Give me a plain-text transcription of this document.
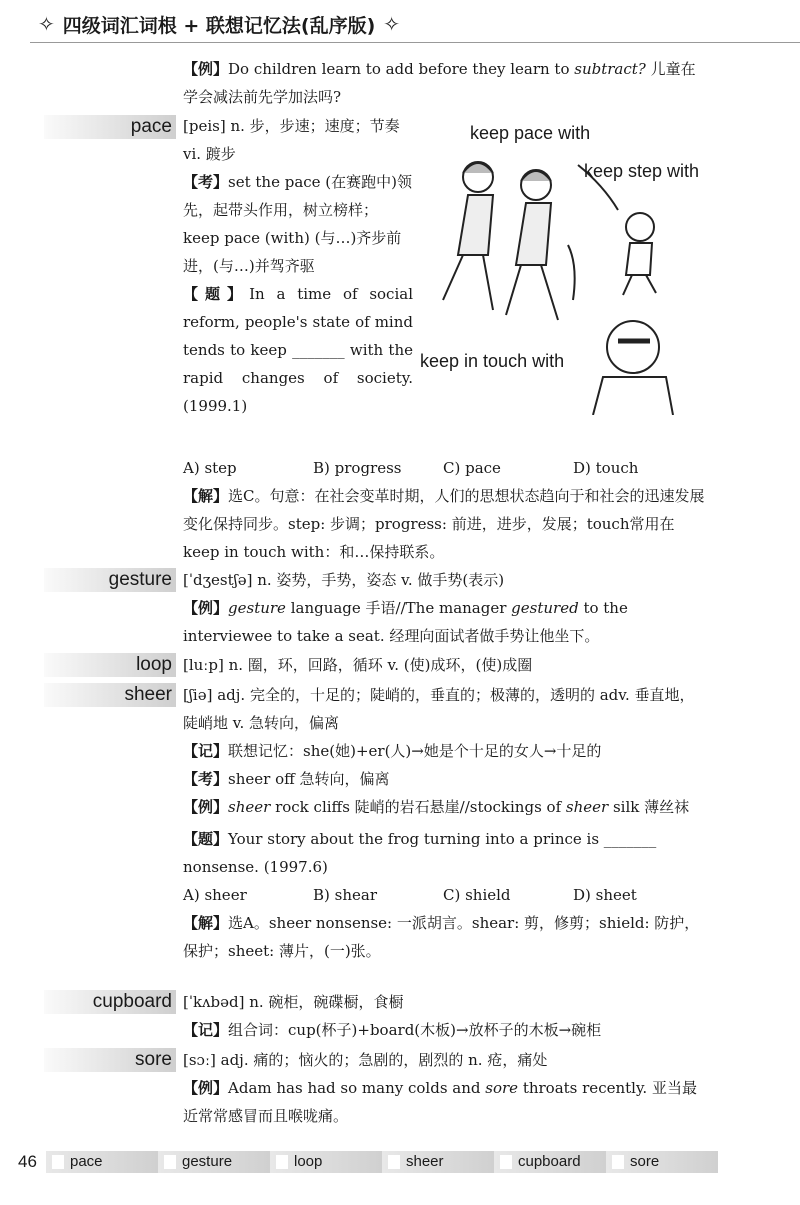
✧ 四级词汇词根 + 联想记忆法(乱序版) ✧
【例】Do children learn to add before they learn to subtract? 儿童在学会减法前先学加法吗?
pace [peis] n. 步，步速；速度；节奏 vi. 踱步
【考】set the pace (在赛跑中)领先，起带头作用，树立榜样；keep pace (with) (与…)齐步前进，(与…)并驾齐驱
【题】In a time of social reform, people's state of mind tends to keep _______ with the rapid changes of society. (1999.1)
keep pace with
keep step with
keep in touch with
A) step	B) progress	C) pace	D) touch
【解】选C。句意：在社会变革时期，人们的思想状态趋向于和社会的迅速发展变化保持同步。step: 步调；progress: 前进，进步，发展；touch常用在keep in touch with：和…保持联系。
gesture [ˈdʒestʃə] n. 姿势，手势，姿态 v. 做手势(表示)
【例】gesture language 手语//The manager gestured to the interviewee to take a seat. 经理向面试者做手势让他坐下。
loop [luːp] n. 圈，环，回路，循环 v. (使)成环，(使)成圈
sheer [ʃiə] adj. 完全的，十足的；陡峭的，垂直的；极薄的，透明的 adv. 垂直地，陡峭地 v. 急转向，偏离
【记】联想记忆：she(她)+er(人)→她是个十足的女人→十足的
【考】sheer off 急转向，偏离
【例】sheer rock cliffs 陡峭的岩石悬崖//stockings of sheer silk 薄丝袜
【题】Your story about the frog turning into a prince is _______ nonsense. (1997.6)
A) sheer	B) shear	C) shield	D) sheet
【解】选A。sheer nonsense: 一派胡言。shear: 剪，修剪；shield: 防护，保护；sheet: 薄片，(一)张。
cupboard [ˈkʌbəd] n. 碗柜，碗碟橱，食橱
【记】组合词：cup(杯子)+board(木板)→放杯子的木板→碗柜
sore [sɔː] adj. 痛的；恼火的；急剧的，剧烈的 n. 疮，痛处
【例】Adam has had so many colds and sore throats recently. 亚当最近常常感冒而且喉咙痛。
46	pace	gesture	loop	sheer	cupboard	sore
